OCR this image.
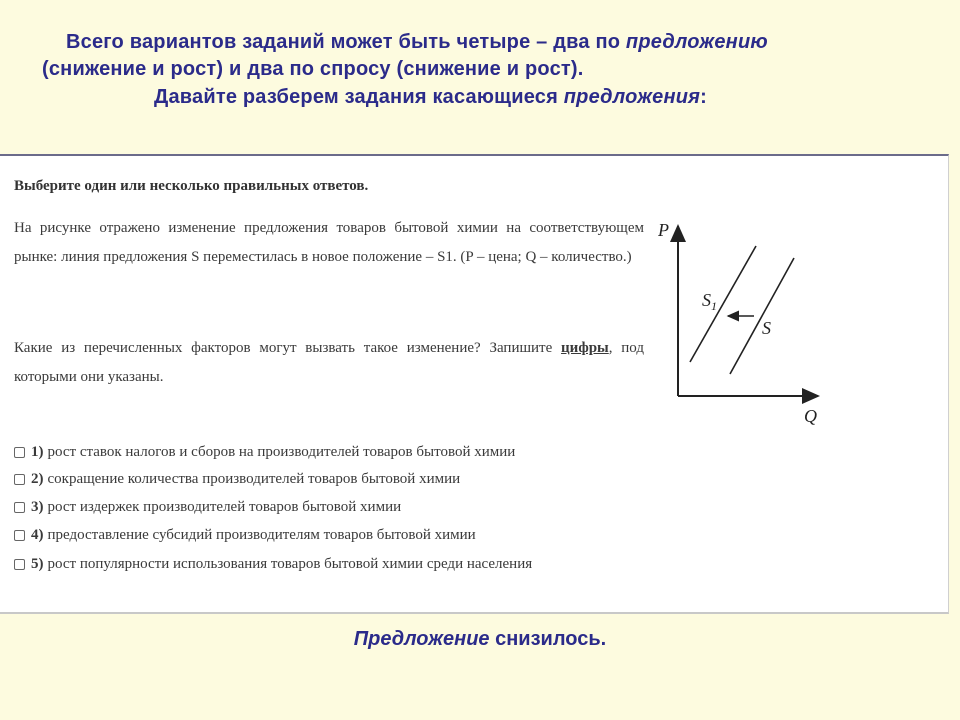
Всего вариантов заданий может быть четыре – два по предложению
(снижение и рост) и два по спросу (снижение и рост).
Давайте разберем задания касающиеся предложения:
Выберите один или несколько правильных ответов.
На рисунке отражено изменение предложения товаров бытовой химии на соответствующем рынке: линия предложения S переместилась в новое положение – S1. (P – цена; Q – количество.)
Какие из перечисленных факторов могут вызвать такое изменение? Запишите цифры, под которыми они указаны.
1) рост ставок налогов и сборов на производителей товаров бытовой химии
2) сокращение количества производителей товаров бытовой химии
3) рост издержек производителей товаров бытовой химии
4) предоставление субсидий производителям товаров бытовой химии
5) рост популярности использования товаров бытовой химии среди населения
P
Q
$S_1$
S
Предложение снизилось.
